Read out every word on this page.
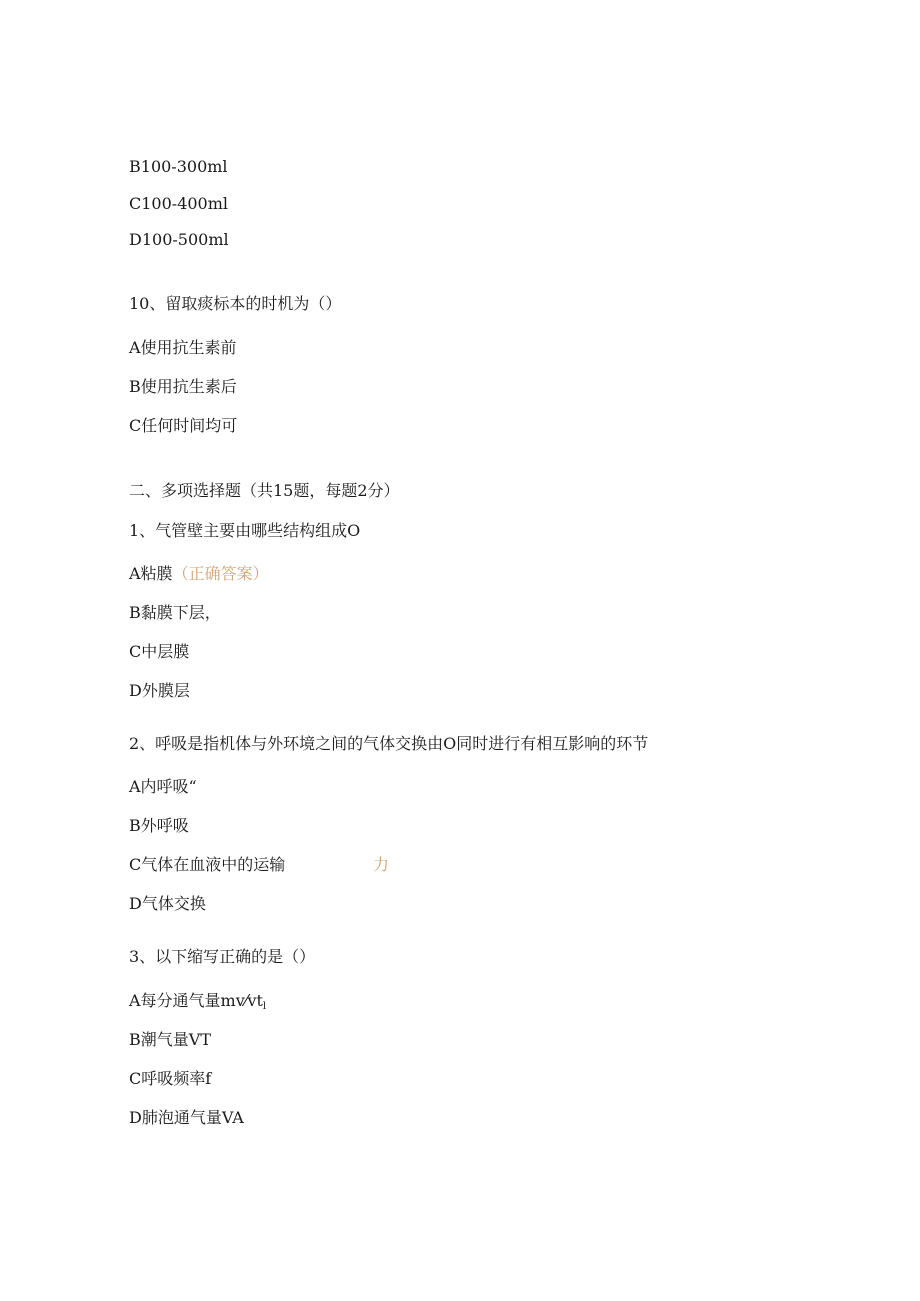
B100-300ml
C100-400ml
D100-500ml
10、留取痰标本的时机为（）
A使用抗生素前
B使用抗生素后
C任何时间均可
二、多项选择题（共15题，每题2分）
1、气管壁主要由哪些结构组成O
A粘膜（正确答案）
B黏膜下层，
C中层膜
D外膜层
2、呼吸是指机体与外环境之间的气体交换由O同时进行有相互影响的环节
A内呼吸“
B外呼吸
C气体在血液中的运输	力
D气体交换
3、以下缩写正确的是（）
A每分通气量$mv⁄vt_l$
B潮气量VT
C呼吸频率f
D肺泡通气量VA
